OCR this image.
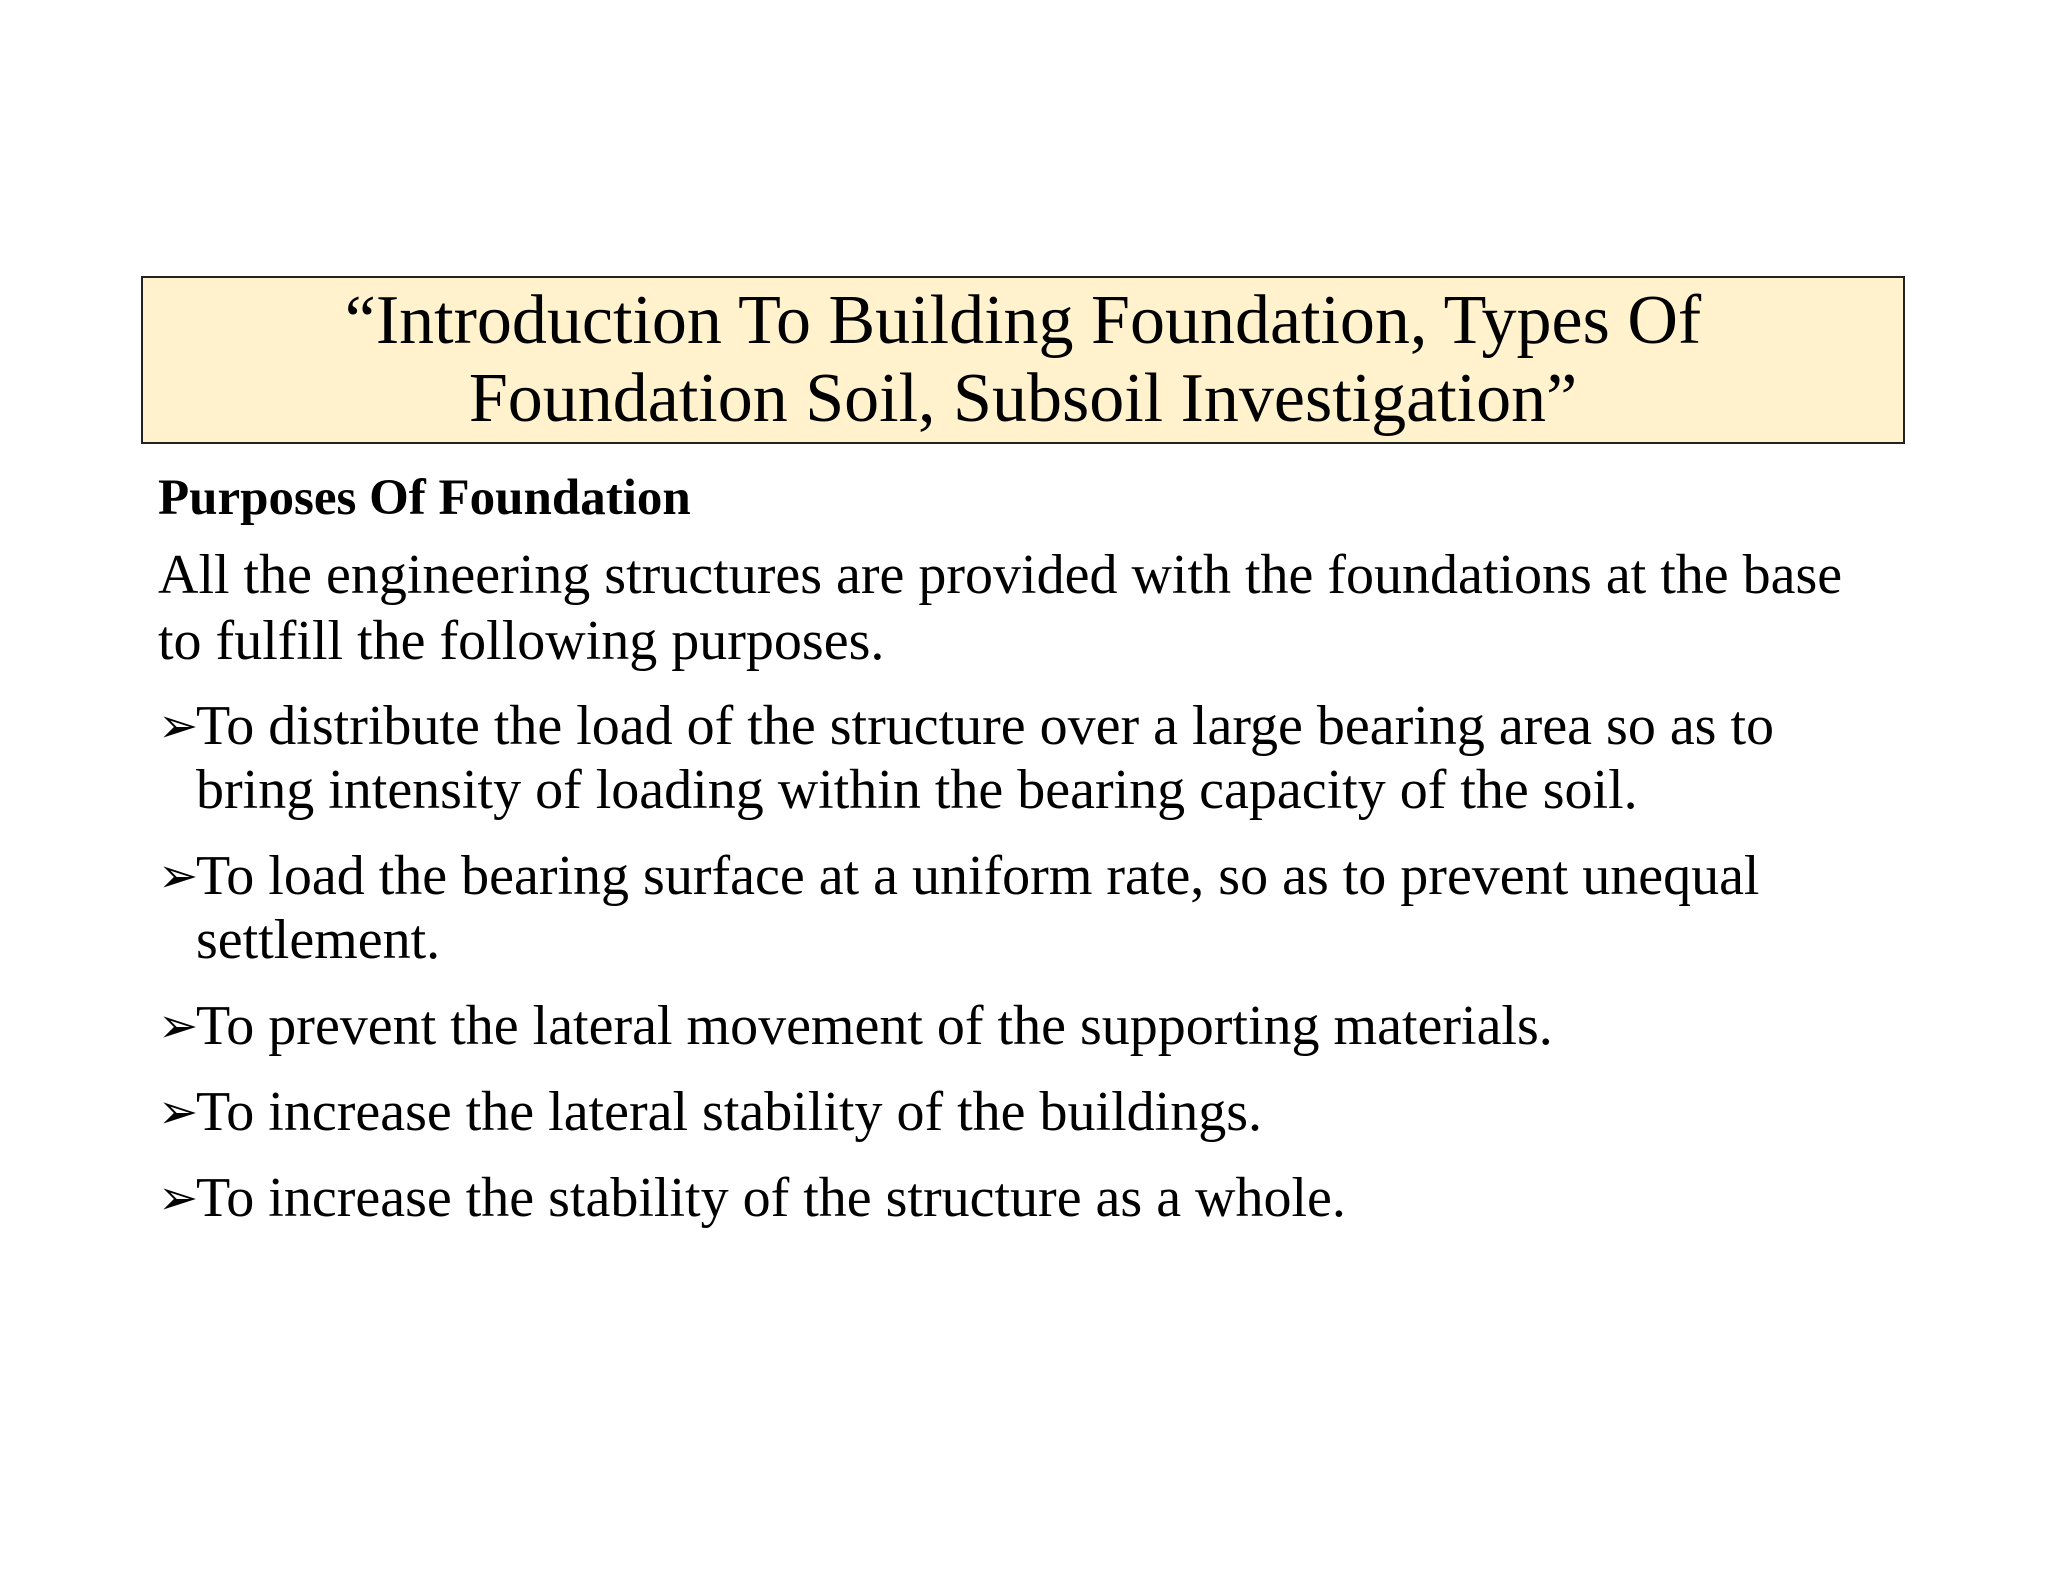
“Introduction To Building Foundation, Types Of
Foundation Soil, Subsoil Investigation”
Purposes Of Foundation
All the engineering structures are provided with the foundations at the base to fulfill the following purposes.
➢
To distribute the load of the structure over a large bearing area so as to bring intensity of loading within the bearing capacity of the soil.
➢
To load the bearing surface at a uniform rate, so as to prevent unequal settlement.
➢
To prevent the lateral movement of the supporting materials.
➢
To increase the lateral stability of the buildings.
➢
To increase the stability of the structure as a whole.
